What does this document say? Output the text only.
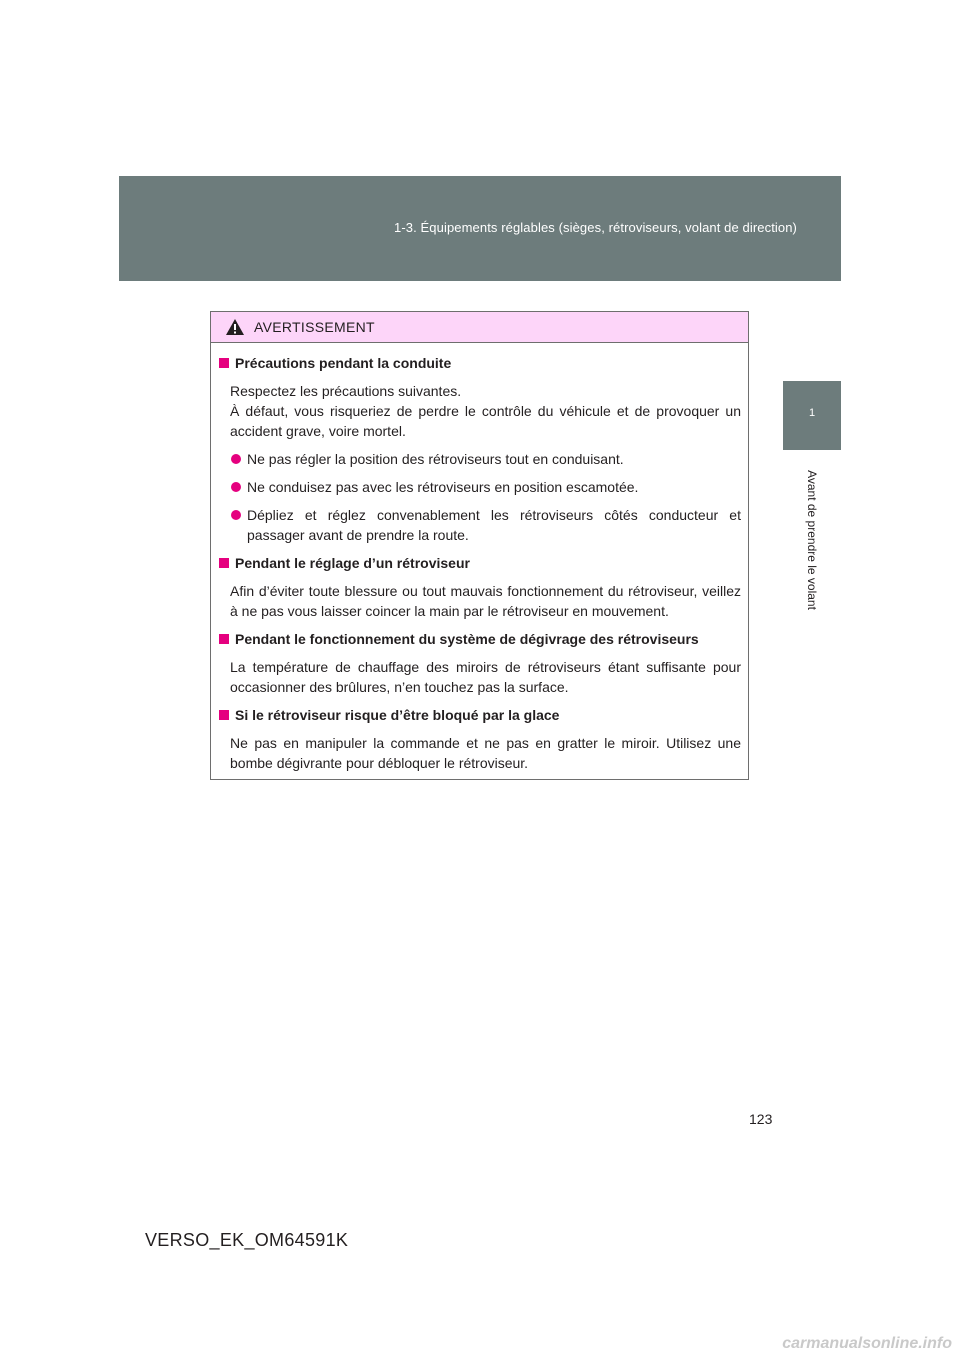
1-3. Équipements réglables (sièges, rétroviseurs, volant de direction)
1
Avant de prendre le volant
AVERTISSEMENT
Précautions pendant la conduite
Respectez les précautions suivantes.
À défaut, vous risqueriez de perdre le contrôle du véhicule et de provoquer un accident grave, voire mortel.
Ne pas régler la position des rétroviseurs tout en conduisant.
Ne conduisez pas avec les rétroviseurs en position escamotée.
Dépliez et réglez convenablement les rétroviseurs côtés conducteur et passager avant de prendre la route.
Pendant le réglage d’un rétroviseur
Afin d’éviter toute blessure ou tout mauvais fonctionnement du rétroviseur, veillez à ne pas vous laisser coincer la main par le rétroviseur en mouvement.
Pendant le fonctionnement du système de dégivrage des rétroviseurs
La température de chauffage des miroirs de rétroviseurs étant suffisante pour occasionner des brûlures, n’en touchez pas la surface.
Si le rétroviseur risque d’être bloqué par la glace
Ne pas en manipuler la commande et ne pas en gratter le miroir. Utilisez une bombe dégivrante pour débloquer le rétroviseur.
123
VERSO_EK_OM64591K
carmanualsonline.info
